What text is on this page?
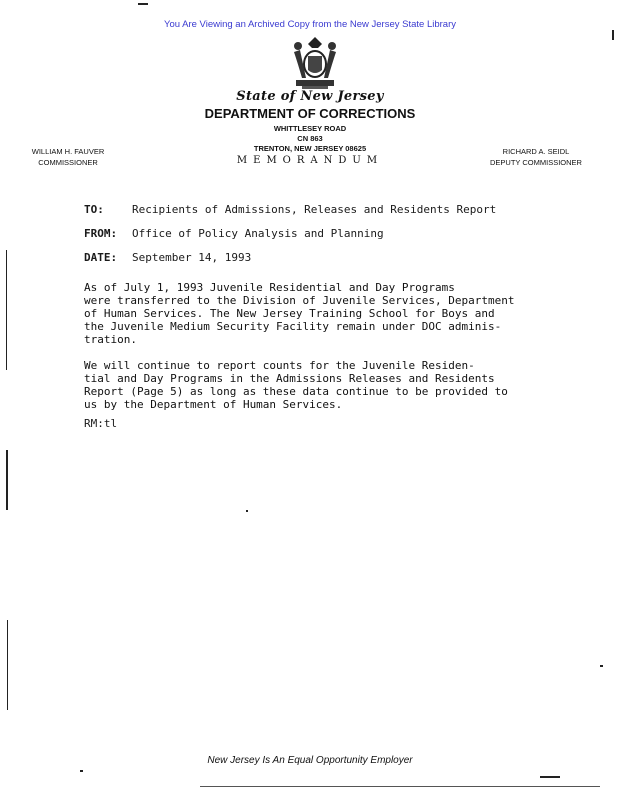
You Are Viewing an Archived Copy from the New Jersey State Library
State of New Jersey
DEPARTMENT OF CORRECTIONS
WHITTLESEY ROAD
CN 863
TRENTON, NEW JERSEY 08625
MEMORANDUM
WILLIAM H. FAUVER
COMMISSIONER
RICHARD A. SEIDL
DEPUTY COMMISSIONER
TO:	Recipients of Admissions, Releases and Residents Report
FROM: Office of Policy Analysis and Planning
DATE: September 14, 1993
As of July 1, 1993 Juvenile Residential and Day Programs
were transferred to the Division of Juvenile Services, Department
of Human Services. The New Jersey Training School for Boys and
the Juvenile Medium Security Facility remain under DOC adminis-
tration.
We will continue to report counts for the Juvenile Residen-
tial and Day Programs in the Admissions Releases and Residents
Report (Page 5) as long as these data continue to be provided to
us by the Department of Human Services.
RM:tl
New Jersey Is An Equal Opportunity Employer
